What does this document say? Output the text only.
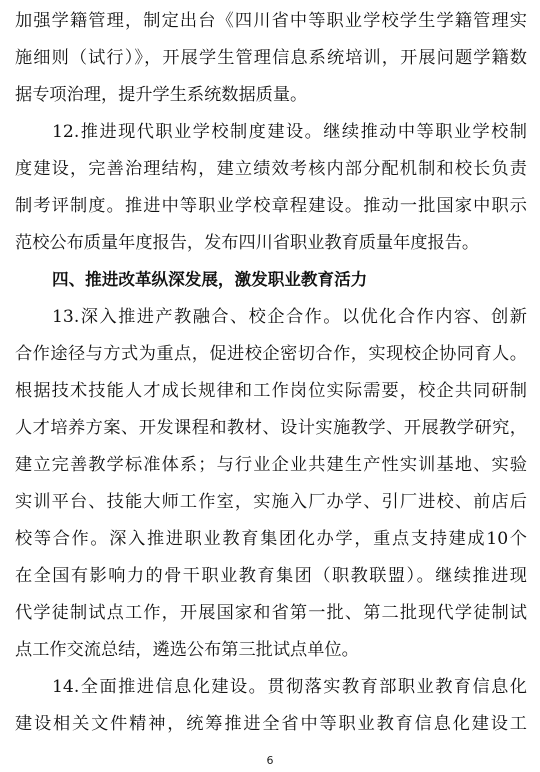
加强学籍管理，制定出台《四川省中等职业学校学生学籍管理实
施细则（试行）》，开展学生管理信息系统培训，开展问题学籍数
据专项治理，提升学生系统数据质量。
12.推进现代职业学校制度建设。继续推动中等职业学校制
度建设，完善治理结构，建立绩效考核内部分配机制和校长负责
制考评制度。推进中等职业学校章程建设。推动一批国家中职示
范校公布质量年度报告，发布四川省职业教育质量年度报告。
四、推进改革纵深发展，激发职业教育活力
13.深入推进产教融合、校企合作。以优化合作内容、创新
合作途径与方式为重点，促进校企密切合作，实现校企协同育人。
根据技术技能人才成长规律和工作岗位实际需要，校企共同研制
人才培养方案、开发课程和教材、设计实施教学、开展教学研究，
建立完善教学标准体系；与行业企业共建生产性实训基地、实验
实训平台、技能大师工作室，实施入厂办学、引厂进校、前店后
校等合作。深入推进职业教育集团化办学，重点支持建成10个
在全国有影响力的骨干职业教育集团（职教联盟）。继续推进现
代学徒制试点工作，开展国家和省第一批、第二批现代学徒制试
点工作交流总结，遴选公布第三批试点单位。
14.全面推进信息化建设。贯彻落实教育部职业教育信息化
建设相关文件精神，统筹推进全省中等职业教育信息化建设工
6
